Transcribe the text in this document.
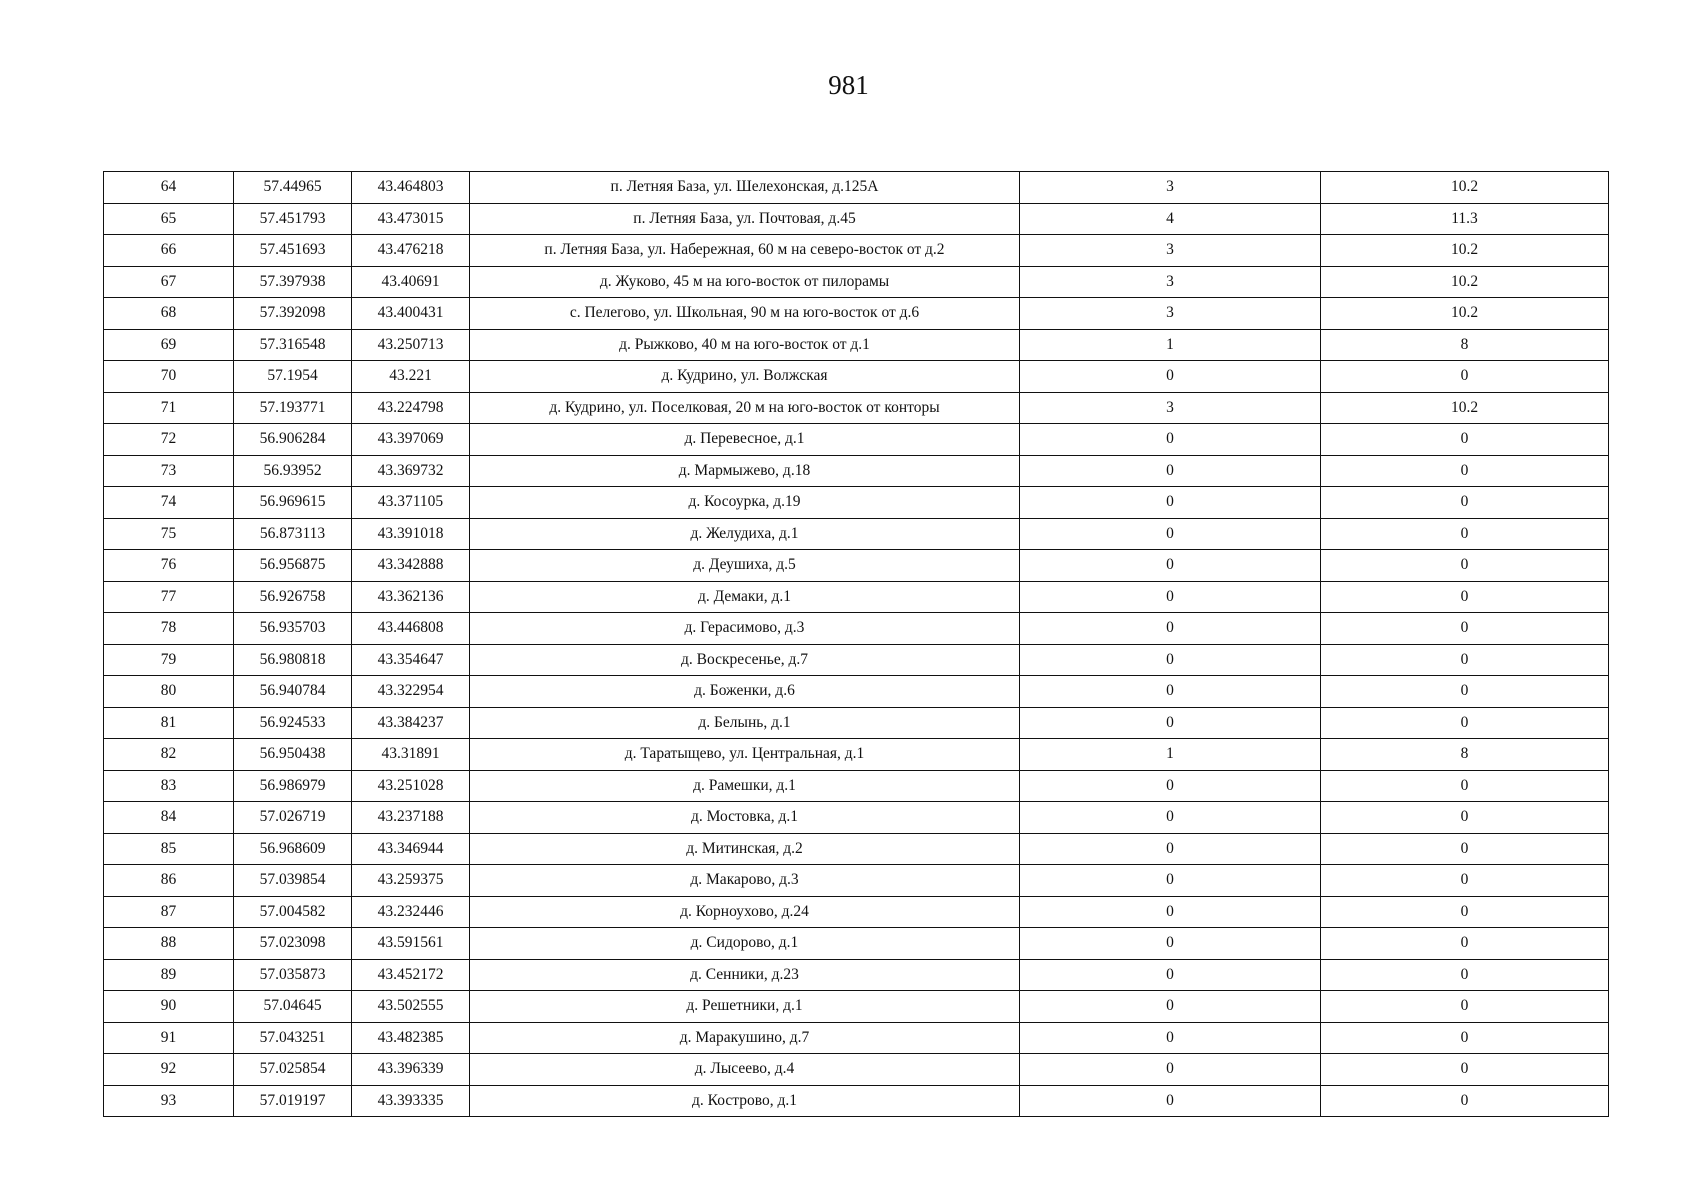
981
64	57.44965	43.464803	п. Летняя База, ул. Шелехонская, д.125А	3	10.2
65	57.451793	43.473015	п. Летняя База, ул. Почтовая, д.45	4	11.3
66	57.451693	43.476218	п. Летняя База, ул. Набережная, 60 м на северо-восток от д.2	3	10.2
67	57.397938	43.40691	д. Жуково, 45 м на юго-восток от пилорамы	3	10.2
68	57.392098	43.400431	с. Пелегово, ул. Школьная, 90 м на юго-восток от д.6	3	10.2
69	57.316548	43.250713	д. Рыжково, 40 м на юго-восток от д.1	1	8
70	57.1954	43.221	д. Кудрино, ул. Волжская	0	0
71	57.193771	43.224798	д. Кудрино, ул. Поселковая, 20 м на юго-восток от конторы	3	10.2
72	56.906284	43.397069	д. Перевесное, д.1	0	0
73	56.93952	43.369732	д. Мармыжево, д.18	0	0
74	56.969615	43.371105	д. Косоурка, д.19	0	0
75	56.873113	43.391018	д. Желудиха, д.1	0	0
76	56.956875	43.342888	д. Деушиха, д.5	0	0
77	56.926758	43.362136	д. Демаки, д.1	0	0
78	56.935703	43.446808	д. Герасимово, д.3	0	0
79	56.980818	43.354647	д. Воскресенье, д.7	0	0
80	56.940784	43.322954	д. Боженки, д.6	0	0
81	56.924533	43.384237	д. Белынь, д.1	0	0
82	56.950438	43.31891	д. Таратыщево, ул. Центральная, д.1	1	8
83	56.986979	43.251028	д. Рамешки, д.1	0	0
84	57.026719	43.237188	д. Мостовка, д.1	0	0
85	56.968609	43.346944	д. Митинская, д.2	0	0
86	57.039854	43.259375	д. Макарово, д.3	0	0
87	57.004582	43.232446	д. Корноухово, д.24	0	0
88	57.023098	43.591561	д. Сидорово, д.1	0	0
89	57.035873	43.452172	д. Сенники, д.23	0	0
90	57.04645	43.502555	д. Решетники, д.1	0	0
91	57.043251	43.482385	д. Маракушино, д.7	0	0
92	57.025854	43.396339	д. Лысеево, д.4	0	0
93	57.019197	43.393335	д. Кострово, д.1	0	0
